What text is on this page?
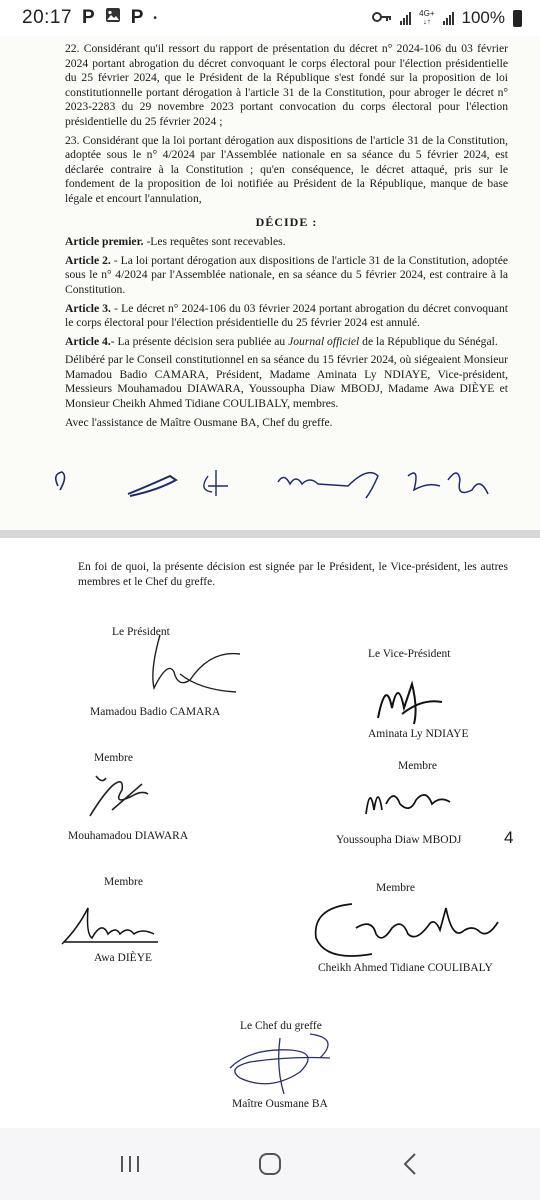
20:17 P P •	4G+
↓↑ 100%

22. Considérant qu'il ressort du rapport de présentation du décret n° 2024-106 du 03 février 2024 portant abrogation du décret convoquant le corps électoral pour l'élection présidentielle du 25 février 2024, que le Président de la République s'est fondé sur la proposition de loi constitutionnelle portant dérogation à l'article 31 de la Constitution, pour abroger le décret n° 2023-2283 du 29 novembre 2023 portant convocation du corps électoral pour l'élection présidentielle du 25 février 2024 ;

23. Considérant que la loi portant dérogation aux dispositions de l'article 31 de la Constitution, adoptée sous le n° 4/2024 par l'Assemblée nationale en sa séance du 5 février 2024, est déclarée contraire à la Constitution ; qu'en conséquence, le décret attaqué, pris sur le fondement de la proposition de loi notifiée au Président de la République, manque de base légale et encourt l'annulation,

DÉCIDE :

Article premier. -Les requêtes sont recevables.

Article 2. - La loi portant dérogation aux dispositions de l'article 31 de la Constitution, adoptée sous le n° 4/2024 par l'Assemblée nationale, en sa séance du 5 février 2024, est contraire à la Constitution.

Article 3. - Le décret n° 2024-106 du 03 février 2024 portant abrogation du décret convoquant le corps électoral pour l'élection présidentielle du 25 février 2024 est annulé.

Article 4.- La présente décision sera publiée au Journal officiel de la République du Sénégal.

Délibéré par le Conseil constitutionnel en sa séance du 15 février 2024, où siégeaient Monsieur Mamadou Badio CAMARA, Président, Madame Aminata Ly NDIAYE, Vice-président, Messieurs Mouhamadou DIAWARA, Youssoupha Diaw MBODJ, Madame Awa DIÈYE et Monsieur Cheikh Ahmed Tidiane COULIBALY, membres.

Avec l'assistance de Maître Ousmane BA, Chef du greffe.

En foi de quoi, la présente décision est signée par le Président, le Vice-président, les autres membres et le Chef du greffe.

Le Président
Mamadou Badio CAMARA
Le Vice-Président
Aminata Ly NDIAYE
Membre
Mouhamadou DIAWARA
Membre
Youssoupha Diaw MBODJ	4
Membre
Awa DIÈYE
Membre
Cheikh Ahmed Tidiane COULIBALY
Le Chef du greffe
Maître Ousmane BA
